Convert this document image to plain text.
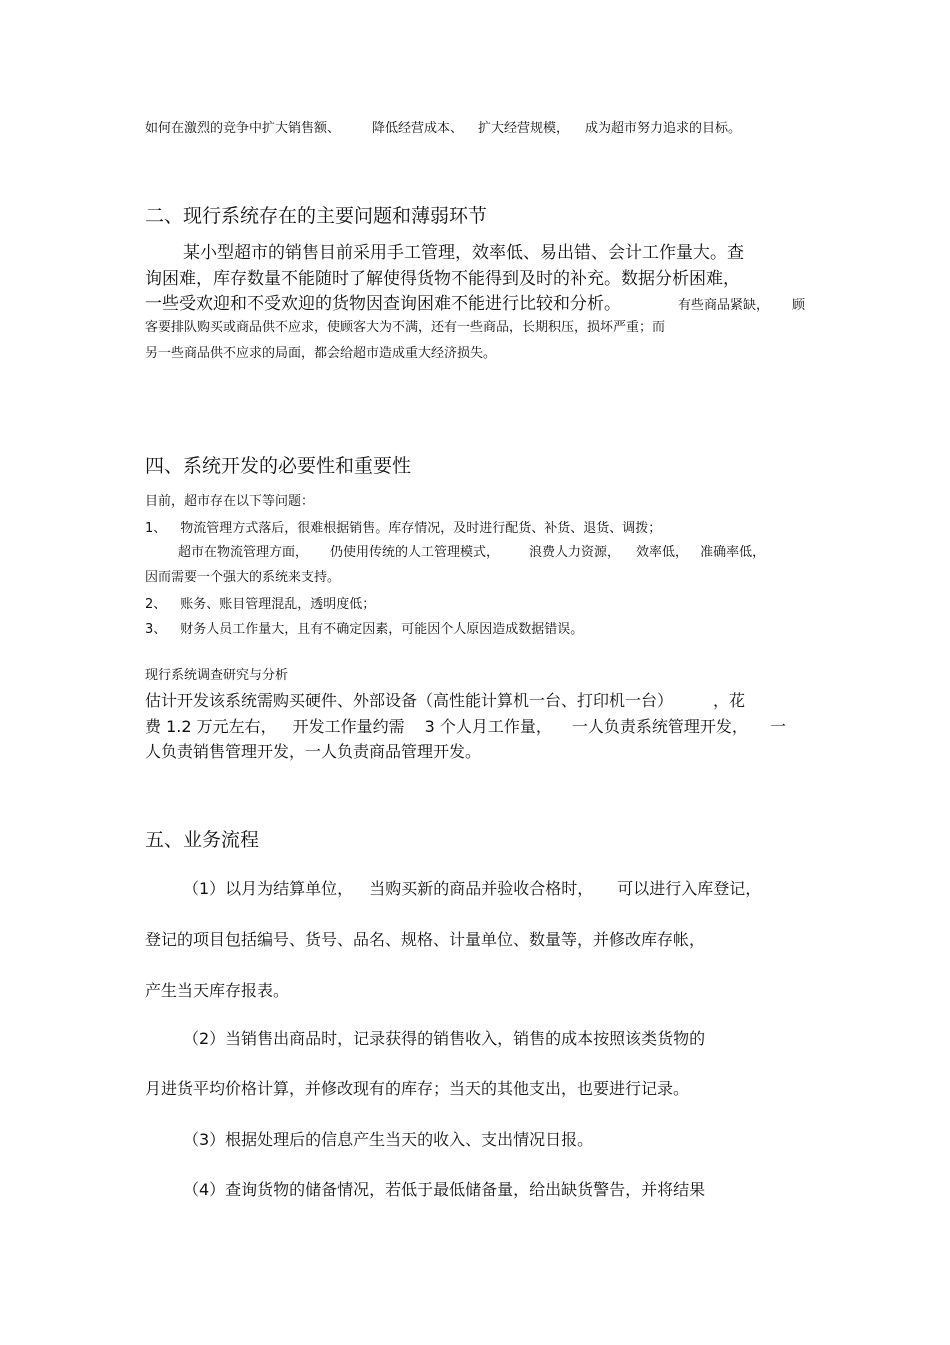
如何在激烈的竞争中扩大销售额、 降低经营成本、 扩大经营规模， 成为超市努力追求的目标。
二、现行系统存在的主要问题和薄弱环节
某小型超市的销售目前采用手工管理，效率低、易出错、会计工作量大。查
询困难，库存数量不能随时了解使得货物不能得到及时的补充。数据分析困难，
一些受欢迎和不受欢迎的货物因查询困难不能进行比较和分析。	有些商品紧缺， 顾
客要排队购买或商品供不应求，使顾客大为不满，还有一些商品，长期积压，损坏严重；而
另一些商品供不应求的局面，都会给超市造成重大经济损失。
四、系统开发的必要性和重要性
目前，超市存在以下等问题：
1、 物流管理方式落后，很难根据销售。库存情况，及时进行配货、补货、退货、调拨；
超市在物流管理方面， 仍使用传统的人工管理模式， 浪费人力资源， 效率低， 准确率低，
因而需要一个强大的系统来支持。
2、 账务、账目管理混乱，透明度低；
3、 财务人员工作量大，且有不确定因素，可能因个人原因造成数据错误。
现行系统调查研究与分析
估计开发该系统需购买硬件、外部设备（高性能计算机一台、打印机一台）	，花
费 1.2 万元左右， 开发工作量约需 3 个人月工作量， 一人负责系统管理开发， 一
人负责销售管理开发，一人负责商品管理开发。
五、业务流程
（1）以月为结算单位， 当购买新的商品并验收合格时， 可以进行入库登记，
登记的项目包括编号、货号、品名、规格、计量单位、数量等，并修改库存帐，
产生当天库存报表。
（2）当销售出商品时，记录获得的销售收入，销售的成本按照该类货物的
月进货平均价格计算，并修改现有的库存；当天的其他支出，也要进行记录。
（3）根据处理后的信息产生当天的收入、支出情况日报。
（4）查询货物的储备情况，若低于最低储备量，给出缺货警告，并将结果
